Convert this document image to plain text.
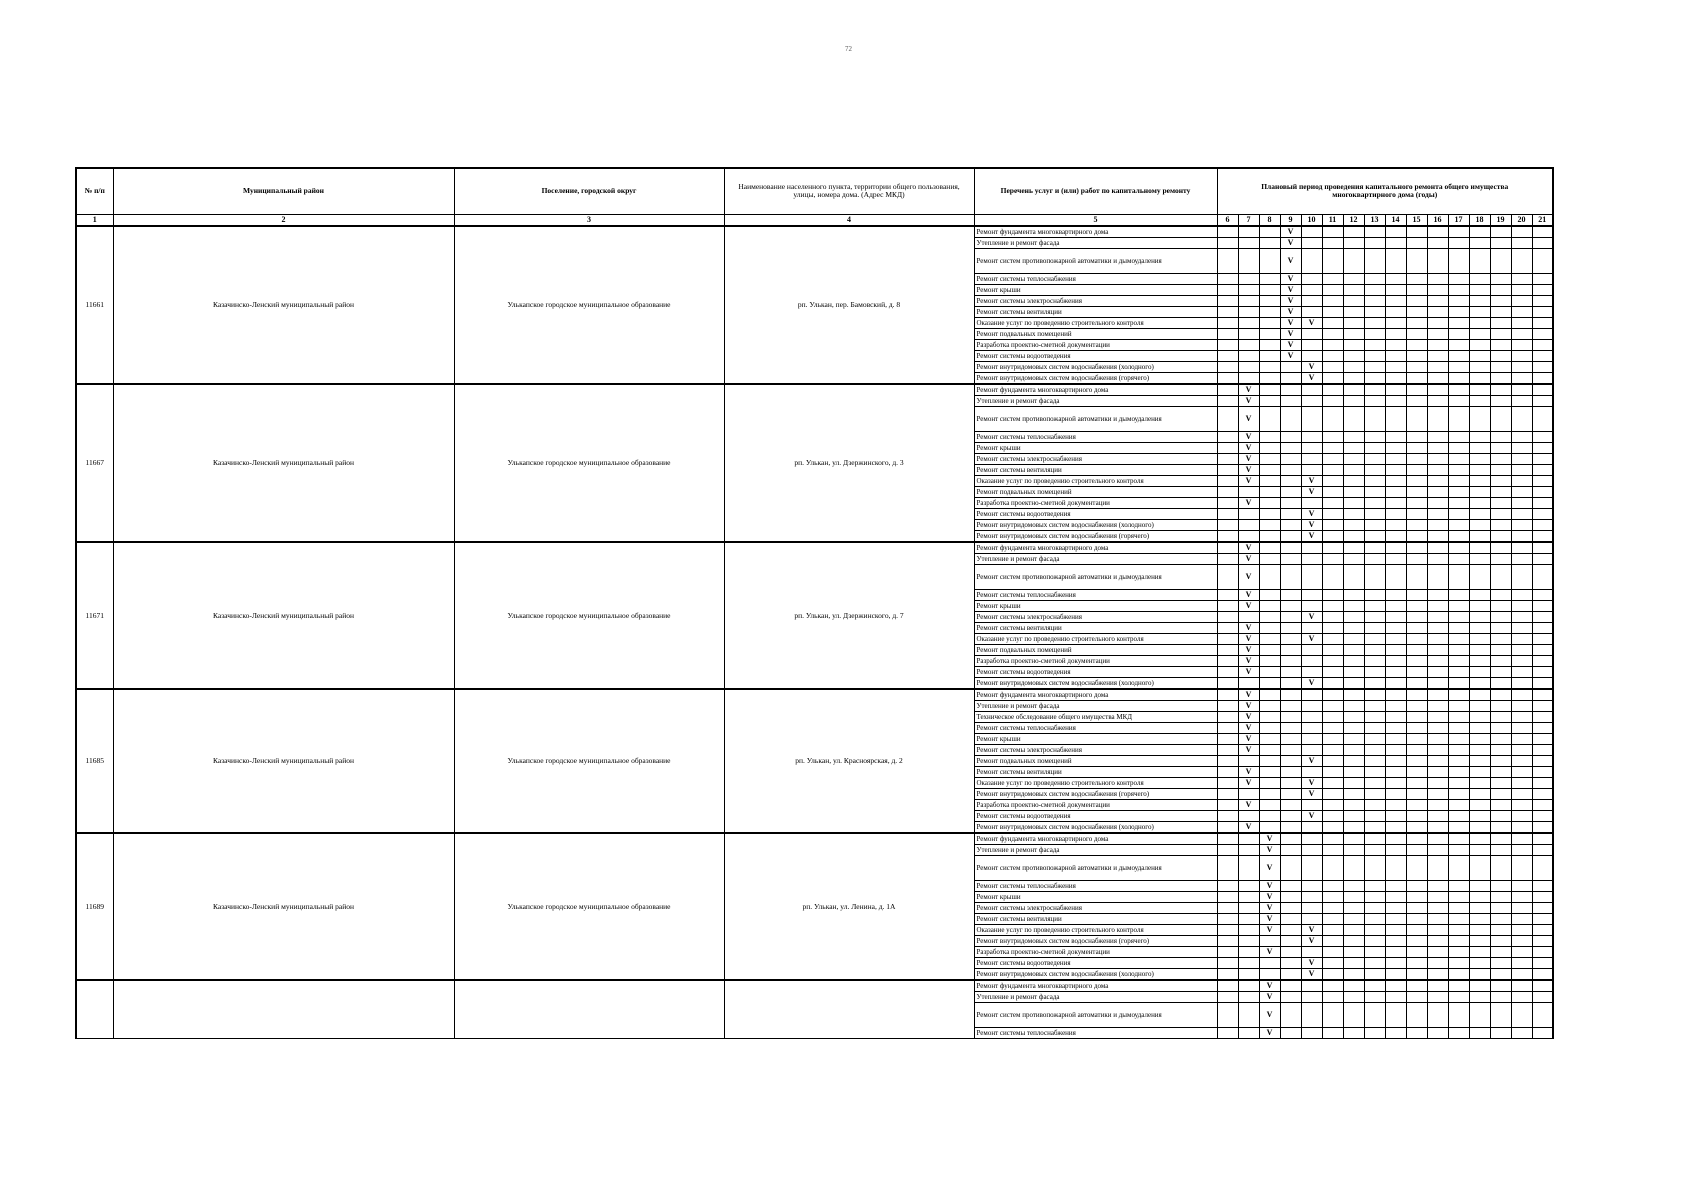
72
№ п/п	Муниципальный район	Поселение, городской округ	Наименование населенного пункта, территории общего пользования, улицы, номера дома. (Адрес МКД)	Перечень услуг и (или) работ по капитальному ремонту	Плановый период проведения капитального ремонта общего имущества многоквартирного дома (годы)															
1	2	3	4	5	6	7	8	9	10	11	12	13	14	15	16	17	18	19	20	21
11661	Казачинско-Ленский муниципальный район	Улькапское городское муниципальное образование	рп. Улькан, пер. Бамовский, д. 8	Ремонт фундамента многоквартирного дома				V												
				Утепление и ремонт фасада				V												
				Ремонт систем противопожарной автоматики и дымоудаления				V												
				Ремонт системы теплоснабжения				V												
				Ремонт крыши				V												
				Ремонт системы электроснабжения				V												
				Ремонт системы вентиляции				V												
				Оказание услуг по проведению строительного контроля				V	V											
				Ремонт подвальных помещений				V												
				Разработка проектно-сметной документации				V												
				Ремонт системы водоотведения				V												
				Ремонт внутридомовых систем водоснабжения (холодного)					V											
				Ремонт внутридомовых систем водоснабжения (горячего)					V											
11667	Казачинско-Ленский муниципальный район	Улькапское городское муниципальное образование	рп. Улькан, ул. Дзержинского, д. 3	Ремонт фундамента многоквартирного дома		V														
				Утепление и ремонт фасада		V														
				Ремонт систем противопожарной автоматики и дымоудаления		V														
				Ремонт системы теплоснабжения		V														
				Ремонт крыши		V														
				Ремонт системы электроснабжения		V														
				Ремонт системы вентиляции		V														
				Оказание услуг по проведению строительного контроля		V			V											
				Ремонт подвальных помещений					V											
				Разработка проектно-сметной документации		V														
				Ремонт системы водоотведения					V											
				Ремонт внутридомовых систем водоснабжения (холодного)					V											
				Ремонт внутридомовых систем водоснабжения (горячего)					V											
11671	Казачинско-Ленский муниципальный район	Улькапское городское муниципальное образование	рп. Улькан, ул. Дзержинского, д. 7	Ремонт фундамента многоквартирного дома		V														
				Утепление и ремонт фасада		V														
				Ремонт систем противопожарной автоматики и дымоудаления		V														
				Ремонт системы теплоснабжения		V														
				Ремонт крыши		V														
				Ремонт системы электроснабжения					V											
				Ремонт системы вентиляции		V														
				Оказание услуг по проведению строительного контроля		V			V											
				Ремонт подвальных помещений		V														
				Разработка проектно-сметной документации		V														
				Ремонт системы водоотведения		V														
				Ремонт внутридомовых систем водоснабжения (холодного)					V											
11685	Казачинско-Ленский муниципальный район	Улькапское городское муниципальное образование	рп. Улькан, ул. Красноярская, д. 2	Ремонт фундамента многоквартирного дома		V														
				Утепление и ремонт фасада		V														
				Техническое обследование общего имущества МКД		V														
				Ремонт системы теплоснабжения		V														
				Ремонт крыши		V														
				Ремонт системы электроснабжения		V														
				Ремонт подвальных помещений					V											
				Ремонт системы вентиляции		V														
				Оказание услуг по проведению строительного контроля		V			V											
				Ремонт внутридомовых систем водоснабжения (горячего)					V											
				Разработка проектно-сметной документации		V														
				Ремонт системы водоотведения					V											
				Ремонт внутридомовых систем водоснабжения (холодного)		V														
11689	Казачинско-Ленский муниципальный район	Улькапское городское муниципальное образование	рп. Улькан, ул. Ленина, д. 1А	Ремонт фундамента многоквартирного дома			V													
				Утепление и ремонт фасада			V													
				Ремонт систем противопожарной автоматики и дымоудаления			V													
				Ремонт системы теплоснабжения			V													
				Ремонт крыши			V													
				Ремонт системы электроснабжения			V													
				Ремонт системы вентиляции			V													
				Оказание услуг по проведению строительного контроля			V		V											
				Ремонт внутридомовых систем водоснабжения (горячего)					V											
				Разработка проектно-сметной документации			V													
				Ремонт системы водоотведения					V											
				Ремонт внутридомовых систем водоснабжения (холодного)					V											
				Ремонт фундамента многоквартирного дома			V													
				Утепление и ремонт фасада			V													
				Ремонт систем противопожарной автоматики и дымоудаления			V													
				Ремонт системы теплоснабжения			V													
